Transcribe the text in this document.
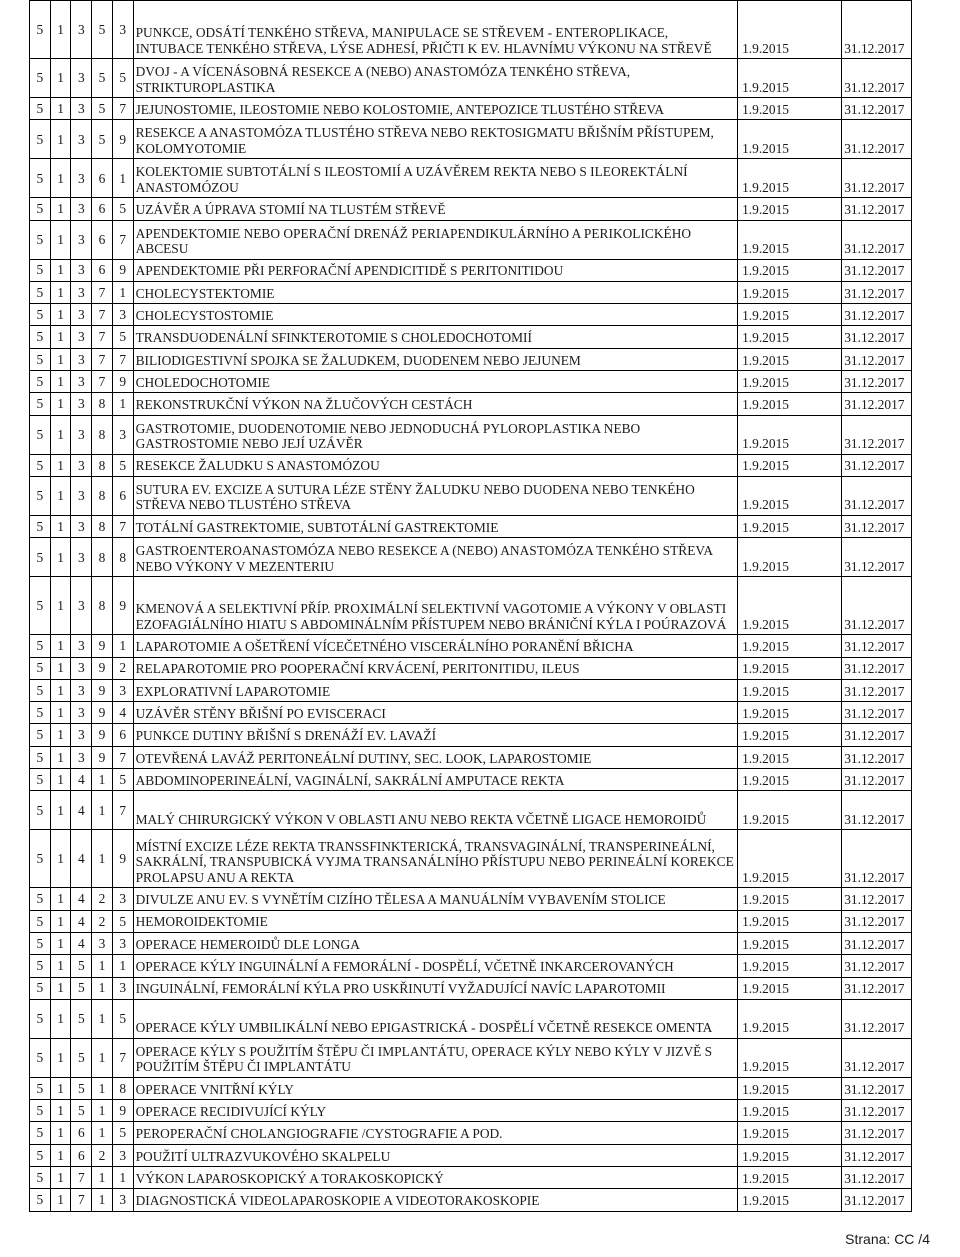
5	1	3	5	3	PUNKCE, ODSÁTÍ TENKÉHO STŘEVA, MANIPULACE SE STŘEVEM - ENTEROPLIKACE, INTUBACE TENKÉHO STŘEVA, LÝSE ADHESÍ, PŘIČTI K EV. HLAVNÍMU VÝKONU NA STŘEVĚ	1.9.2015	31.12.2017

5	1	3	5	5	DVOJ - A VÍCENÁSOBNÁ RESEKCE A (NEBO) ANASTOMÓZA TENKÉHO STŘEVA, STRIKTUROPLASTIKA	1.9.2015	31.12.2017

5	1	3	5	7	JEJUNOSTOMIE, ILEOSTOMIE NEBO KOLOSTOMIE, ANTEPOZICE TLUSTÉHO STŘEVA	1.9.2015	31.12.2017

5	1	3	5	9	RESEKCE A ANASTOMÓZA TLUSTÉHO STŘEVA NEBO REKTOSIGMATU BŘIŠNÍM PŘÍSTUPEM, KOLOMYOTOMIE	1.9.2015	31.12.2017

5	1	3	6	1	KOLEKTOMIE SUBTOTÁLNÍ S ILEOSTOMIÍ A UZÁVĚREM REKTA NEBO S ILEOREKTÁLNÍ ANASTOMÓZOU	1.9.2015	31.12.2017

5	1	3	6	5	UZÁVĚR A ÚPRAVA STOMIÍ NA TLUSTÉM STŘEVĚ	1.9.2015	31.12.2017

5	1	3	6	7	APENDEKTOMIE NEBO OPERAČNÍ DRENÁŽ PERIAPENDIKULÁRNÍHO A PERIKOLICKÉHO ABCESU	1.9.2015	31.12.2017

5	1	3	6	9	APENDEKTOMIE PŘI PERFORAČNÍ APENDICITIDĚ S PERITONITIDOU	1.9.2015	31.12.2017

5	1	3	7	1	CHOLECYSTEKTOMIE	1.9.2015	31.12.2017

5	1	3	7	3	CHOLECYSTOSTOMIE	1.9.2015	31.12.2017

5	1	3	7	5	TRANSDUODENÁLNÍ SFINKTEROTOMIE S CHOLEDOCHOTOMIÍ	1.9.2015	31.12.2017

5	1	3	7	7	BILIODIGESTIVNÍ SPOJKA SE ŽALUDKEM, DUODENEM NEBO JEJUNEM	1.9.2015	31.12.2017

5	1	3	7	9	CHOLEDOCHOTOMIE	1.9.2015	31.12.2017

5	1	3	8	1	REKONSTRUKČNÍ VÝKON NA ŽLUČOVÝCH CESTÁCH	1.9.2015	31.12.2017

5	1	3	8	3	GASTROTOMIE, DUODENOTOMIE NEBO JEDNODUCHÁ PYLOROPLASTIKA NEBO GASTROSTOMIE NEBO JEJÍ UZÁVĚR	1.9.2015	31.12.2017

5	1	3	8	5	RESEKCE ŽALUDKU S ANASTOMÓZOU	1.9.2015	31.12.2017

5	1	3	8	6	SUTURA EV. EXCIZE A SUTURA LÉZE STĚNY ŽALUDKU NEBO DUODENA NEBO TENKÉHO STŘEVA NEBO TLUSTÉHO STŘEVA	1.9.2015	31.12.2017

5	1	3	8	7	TOTÁLNÍ GASTREKTOMIE, SUBTOTÁLNÍ GASTREKTOMIE	1.9.2015	31.12.2017

5	1	3	8	8	GASTROENTEROANASTOMÓZA NEBO RESEKCE A (NEBO) ANASTOMÓZA TENKÉHO STŘEVA NEBO VÝKONY V MEZENTERIU	1.9.2015	31.12.2017

5	1	3	8	9	KMENOVÁ A SELEKTIVNÍ PŘÍP. PROXIMÁLNÍ SELEKTIVNÍ VAGOTOMIE A VÝKONY V OBLASTI EZOFAGIÁLNÍHO HIATU S ABDOMINÁLNÍM PŘÍSTUPEM NEBO BRÁNIČNÍ KÝLA I POÚRAZOVÁ	1.9.2015	31.12.2017

5	1	3	9	1	LAPAROTOMIE A OŠETŘENÍ VÍCEČETNÉHO VISCERÁLNÍHO PORANĚNÍ BŘICHA	1.9.2015	31.12.2017

5	1	3	9	2	RELAPAROTOMIE PRO POOPERAČNÍ KRVÁCENÍ, PERITONITIDU, ILEUS	1.9.2015	31.12.2017

5	1	3	9	3	EXPLORATIVNÍ LAPAROTOMIE	1.9.2015	31.12.2017

5	1	3	9	4	UZÁVĚR STĚNY BŘIŠNÍ PO EVISCERACI	1.9.2015	31.12.2017

5	1	3	9	6	PUNKCE DUTINY BŘIŠNÍ S DRENÁŽÍ EV. LAVAŽÍ	1.9.2015	31.12.2017

5	1	3	9	7	OTEVŘENÁ LAVÁŽ PERITONEÁLNÍ DUTINY, SEC. LOOK, LAPAROSTOMIE	1.9.2015	31.12.2017

5	1	4	1	5	ABDOMINOPERINEÁLNÍ, VAGINÁLNÍ, SAKRÁLNÍ AMPUTACE REKTA	1.9.2015	31.12.2017

5	1	4	1	7	MALÝ CHIRURGICKÝ VÝKON V OBLASTI ANU NEBO REKTA VČETNĚ LIGACE HEMOROIDŮ	1.9.2015	31.12.2017

5	1	4	1	9	MÍSTNÍ EXCIZE LÉZE REKTA TRANSSFINKTERICKÁ, TRANSVAGINÁLNÍ, TRANSPERINEÁLNÍ, SAKRÁLNÍ, TRANSPUBICKÁ VYJMA TRANSANÁLNÍHO PŘÍSTUPU NEBO PERINEÁLNÍ KOREKCE PROLAPSU ANU A REKTA	1.9.2015	31.12.2017

5	1	4	2	3	DIVULZE ANU EV. S VYNĚTÍM CIZÍHO TĚLESA A MANUÁLNÍM VYBAVENÍM STOLICE	1.9.2015	31.12.2017

5	1	4	2	5	HEMOROIDEKTOMIE	1.9.2015	31.12.2017

5	1	4	3	3	OPERACE HEMEROIDŮ DLE LONGA	1.9.2015	31.12.2017

5	1	5	1	1	OPERACE KÝLY INGUINÁLNÍ A FEMORÁLNÍ - DOSPĚLÍ, VČETNĚ INKARCEROVANÝCH	1.9.2015	31.12.2017

5	1	5	1	3	INGUINÁLNÍ, FEMORÁLNÍ KÝLA PRO USKŘINUTÍ VYŽADUJÍCÍ NAVÍC LAPAROTOMII	1.9.2015	31.12.2017

5	1	5	1	5	OPERACE KÝLY UMBILIKÁLNÍ NEBO EPIGASTRICKÁ - DOSPĚLÍ VČETNĚ RESEKCE OMENTA	1.9.2015	31.12.2017

5	1	5	1	7	OPERACE KÝLY S POUŽITÍM ŠTĚPU ČI IMPLANTÁTU, OPERACE KÝLY NEBO KÝLY V JIZVĚ S POUŽITÍM ŠTĚPU ČI IMPLANTÁTU	1.9.2015	31.12.2017

5	1	5	1	8	OPERACE VNITŘNÍ KÝLY	1.9.2015	31.12.2017

5	1	5	1	9	OPERACE RECIDIVUJÍCÍ KÝLY	1.9.2015	31.12.2017

5	1	6	1	5	PEROPERAČNÍ CHOLANGIOGRAFIE /CYSTOGRAFIE A POD.	1.9.2015	31.12.2017

5	1	6	2	3	POUŽITÍ ULTRAZVUKOVÉHO SKALPELU	1.9.2015	31.12.2017

5	1	7	1	1	VÝKON LAPAROSKOPICKÝ A TORAKOSKOPICKÝ	1.9.2015	31.12.2017

5	1	7	1	3	DIAGNOSTICKÁ VIDEOLAPAROSKOPIE A VIDEOTORAKOSKOPIE	1.9.2015	31.12.2017
Strana: CC /4
